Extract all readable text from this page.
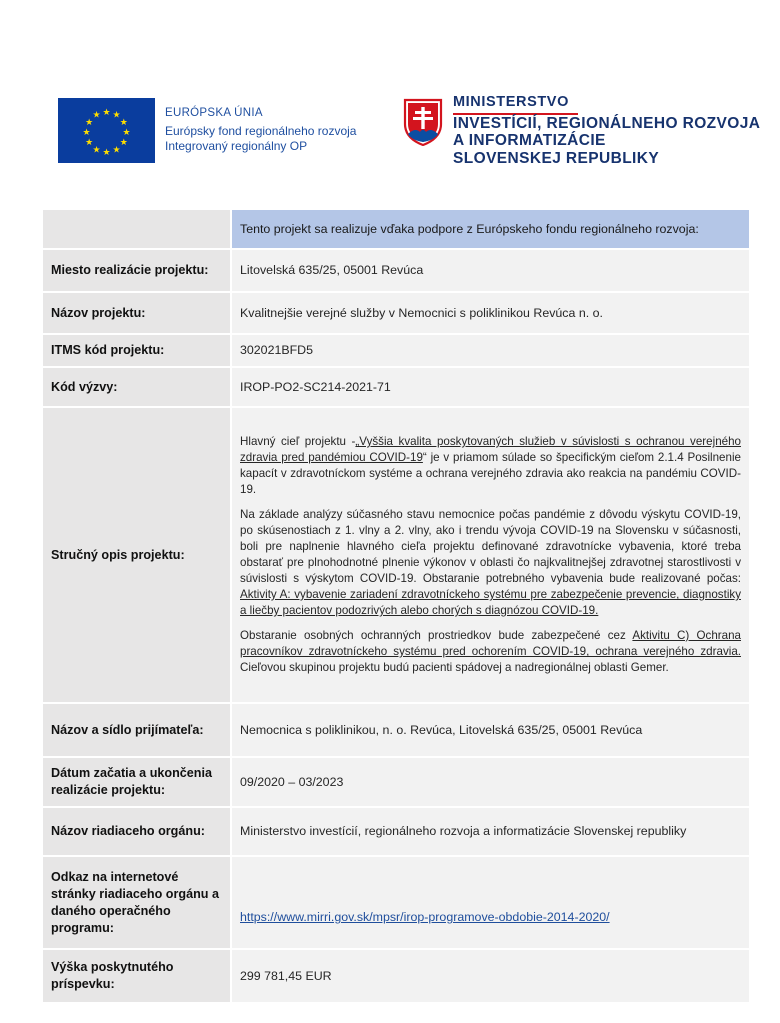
★ ★
★
★
★
★
★
★
★
★
★
★	EURÓPSKA ÚNIA
Európsky fond regionálneho rozvoja
Integrovaný regionálny OP
MINISTERSTVO
INVESTÍCIÍ, REGIONÁLNEHO ROZVOJA
A INFORMATIZÁCIE
SLOVENSKEJ REPUBLIKY
	Tento projekt sa realizuje vďaka podpore z Európskeho fondu regionálneho rozvoja:
Miesto realizácie projektu:	Litovelská 635/25, 05001 Revúca
Názov projektu:	Kvalitnejšie verejné služby v Nemocnici s poliklinikou Revúca n. o.
ITMS kód projektu:	302021BFD5
Kód výzvy:	IROP-PO2-SC214-2021-71
Stručný opis projektu:	Hlavný cieľ projektu -„Vyššia kvalita poskytovaných služieb v súvislosti s ochranou verejného zdravia pred pandémiou COVID-19“ je v priamom súlade so špecifickým cieľom 2.1.4 Posilnenie kapacít v zdravotníckom systéme a ochrana verejného zdravia ako reakcia na pandémiu COVID-19.

Na základe analýzy súčasného stavu nemocnice počas pandémie z dôvodu výskytu COVID-19, po skúsenostiach z 1. vlny a 2. vlny, ako i trendu vývoja COVID-19 na Slovensku v súčasnosti, boli pre naplnenie hlavného cieľa projektu definované zdravotnícke vybavenia, ktoré treba obstarať pre plnohodnotné plnenie výkonov v oblasti čo najkvalitnejšej zdravotnej starostlivosti v súvislosti s výskytom COVID-19. Obstaranie potrebného vybavenia bude realizované počas: Aktivity A: vybavenie zariadení zdravotníckeho systému pre zabezpečenie prevencie, diagnostiky a liečby pacientov podozrivých alebo chorých s diagnózou COVID-19.

Obstaranie osobných ochranných prostriedkov bude zabezpečené cez Aktivitu C) Ochrana pracovníkov zdravotníckeho systému pred ochorením COVID-19, ochrana verejného zdravia. Cieľovou skupinou projektu budú pacienti spádovej a nadregionálnej oblasti Gemer.

Názov a sídlo prijímateľa:	Nemocnica s poliklinikou, n. o. Revúca, Litovelská 635/25, 05001 Revúca
Dátum začatia a ukončenia realizácie projektu:	09/2020 – 03/2023
Názov riadiaceho orgánu:	Ministerstvo investícií, regionálneho rozvoja a informatizácie Slovenskej republiky
Odkaz na internetové stránky riadiaceho orgánu a daného operačného programu:	https://www.mirri.gov.sk/mpsr/irop-programove-obdobie-2014-2020/
Výška poskytnutého príspevku:	299 781,45 EUR
